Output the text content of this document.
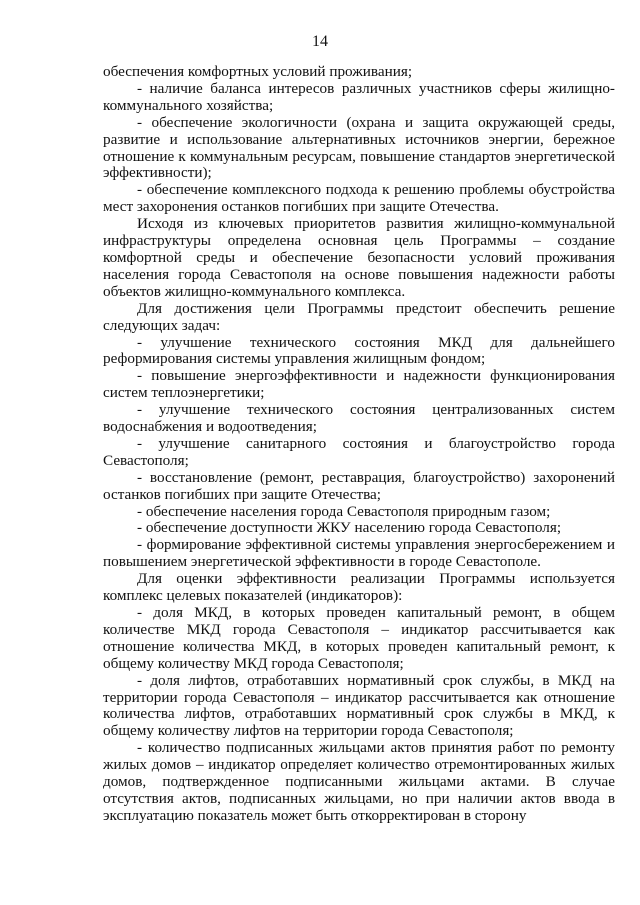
14

обеспечения комфортных условий проживания;

- наличие баланса интересов различных участников сферы жилищно-коммунального хозяйства;

- обеспечение экологичности (охрана и защита окружающей среды, развитие и использование альтернативных источников энергии, бережное отношение к коммунальным ресурсам, повышение стандартов энергетической эффективности);

- обеспечение комплексного подхода к решению проблемы обустройства мест захоронения останков погибших при защите Отечества.

Исходя из ключевых приоритетов развития жилищно-коммунальной инфраструктуры определена основная цель Программы – создание комфортной среды и обеспечение безопасности условий проживания населения города Севастополя на основе повышения надежности работы объектов жилищно-коммунального комплекса.

Для достижения цели Программы предстоит обеспечить решение следующих задач:

- улучшение технического состояния МКД для дальнейшего реформирования системы управления жилищным фондом;

- повышение энергоэффективности и надежности функционирования систем теплоэнергетики;

- улучшение технического состояния централизованных систем водоснабжения и водоотведения;

- улучшение санитарного состояния и благоустройство города Севастополя;

- восстановление (ремонт, реставрация, благоустройство) захоронений останков погибших при защите Отечества;

- обеспечение населения города Севастополя природным газом;

- обеспечение доступности ЖКУ населению города Севастополя;

- формирование эффективной системы управления энергосбережением и повышением энергетической эффективности в городе Севастополе.

Для оценки эффективности реализации Программы используется комплекс целевых показателей (индикаторов):

- доля МКД, в которых проведен капитальный ремонт, в общем количестве МКД города Севастополя – индикатор рассчитывается как отношение количества МКД, в которых проведен капитальный ремонт, к общему количеству МКД города Севастополя;

- доля лифтов, отработавших нормативный срок службы, в МКД на территории города Севастополя – индикатор рассчитывается как отношение количества лифтов, отработавших нормативный срок службы в МКД, к общему количеству лифтов на территории города Севастополя;

- количество подписанных жильцами актов принятия работ по ремонту жилых домов – индикатор определяет количество отремонтированных жилых домов, подтвержденное подписанными жильцами актами. В случае отсутствия актов, подписанных жильцами, но при наличии актов ввода в эксплуатацию показатель может быть откорректирован в сторону
